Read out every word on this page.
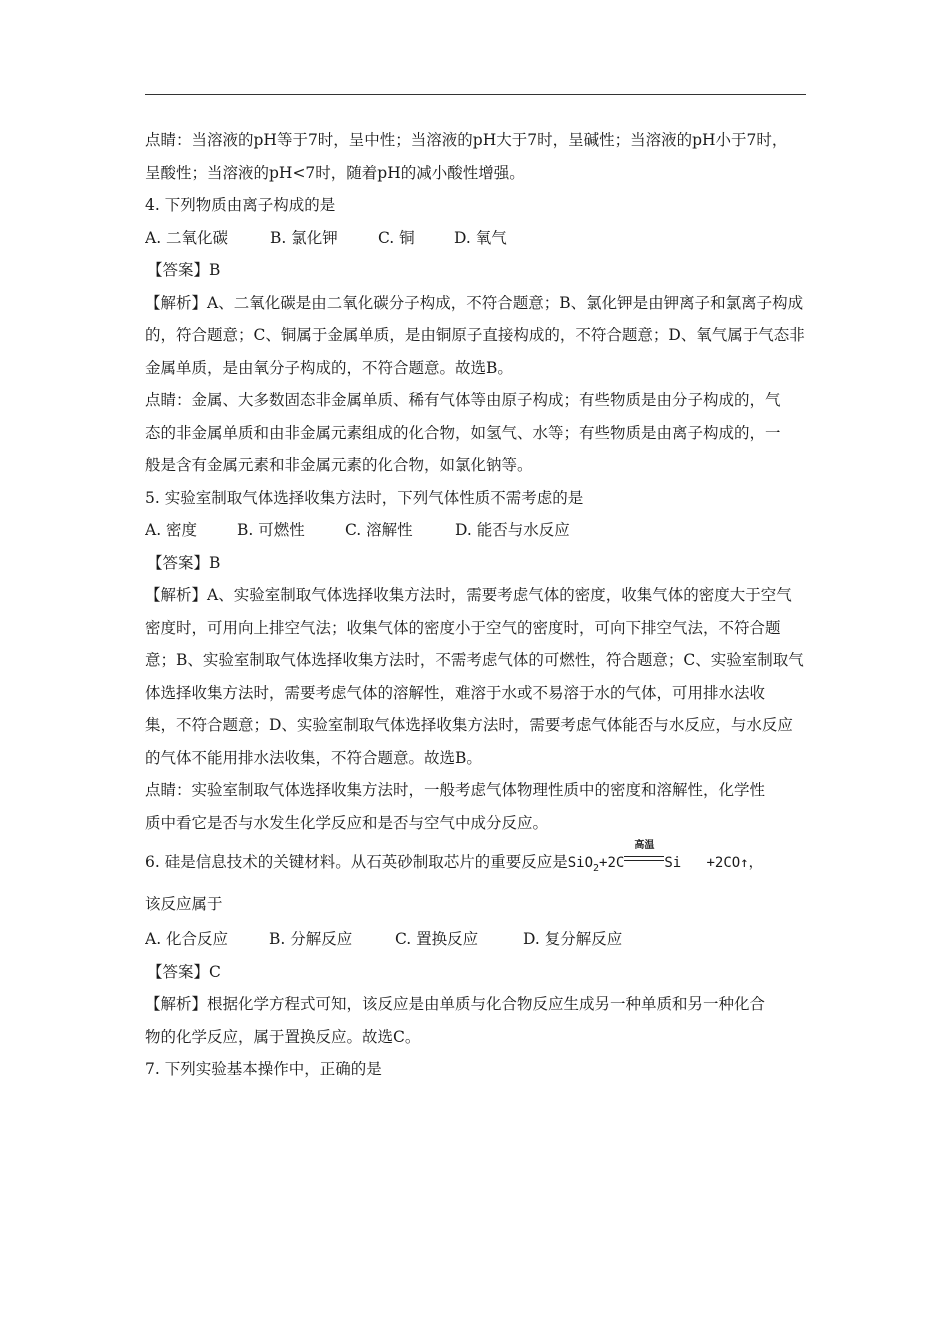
点睛：当溶液的pH等于7时，呈中性；当溶液的pH大于7时，呈碱性；当溶液的pH小于7时，
呈酸性；当溶液的pH<7时，随着pH的减小酸性增强。
4. 下列物质由离子构成的是
A. 二氧化碳	B. 氯化钾	C. 铜	D. 氧气
【答案】B
【解析】A、二氧化碳是由二氧化碳分子构成，不符合题意；B、氯化钾是由钾离子和氯离子构成
的，符合题意；C、铜属于金属单质，是由铜原子直接构成的，不符合题意；D、氧气属于气态非
金属单质，是由氧分子构成的，不符合题意。故选B。
点睛：金属、大多数固态非金属单质、稀有气体等由原子构成；有些物质是由分子构成的，气
态的非金属单质和由非金属元素组成的化合物，如氢气、水等；有些物质是由离子构成的，一
般是含有金属元素和非金属元素的化合物，如氯化钠等。
5. 实验室制取气体选择收集方法时，下列气体性质不需考虑的是
A. 密度	B. 可燃性	C. 溶解性	D. 能否与水反应
【答案】B
【解析】A、实验室制取气体选择收集方法时，需要考虑气体的密度，收集气体的密度大于空气
密度时，可用向上排空气法；收集气体的密度小于空气的密度时，可向下排空气法，不符合题
意；B、实验室制取气体选择收集方法时，不需考虑气体的可燃性，符合题意；C、实验室制取气
体选择收集方法时，需要考虑气体的溶解性，难溶于水或不易溶于水的气体，可用排水法收
集，不符合题意；D、实验室制取气体选择收集方法时，需要考虑气体能否与水反应，与水反应
的气体不能用排水法收集，不符合题意。故选B。
点睛：实验室制取气体选择收集方法时，一般考虑气体物理性质中的密度和溶解性，化学性
质中看它是否与水发生化学反应和是否与空气中成分反应。
6. 硅是信息技术的关键材料。从石英砂制取芯片的重要反应是SiO$_2$+2C
高温
Si   +2CO↑，
该反应属于
A. 化合反应	B. 分解反应	C. 置换反应	D. 复分解反应
【答案】C
【解析】根据化学方程式可知，该反应是由单质与化合物反应生成另一种单质和另一种化合
物的化学反应，属于置换反应。故选C。
7. 下列实验基本操作中，正确的是
